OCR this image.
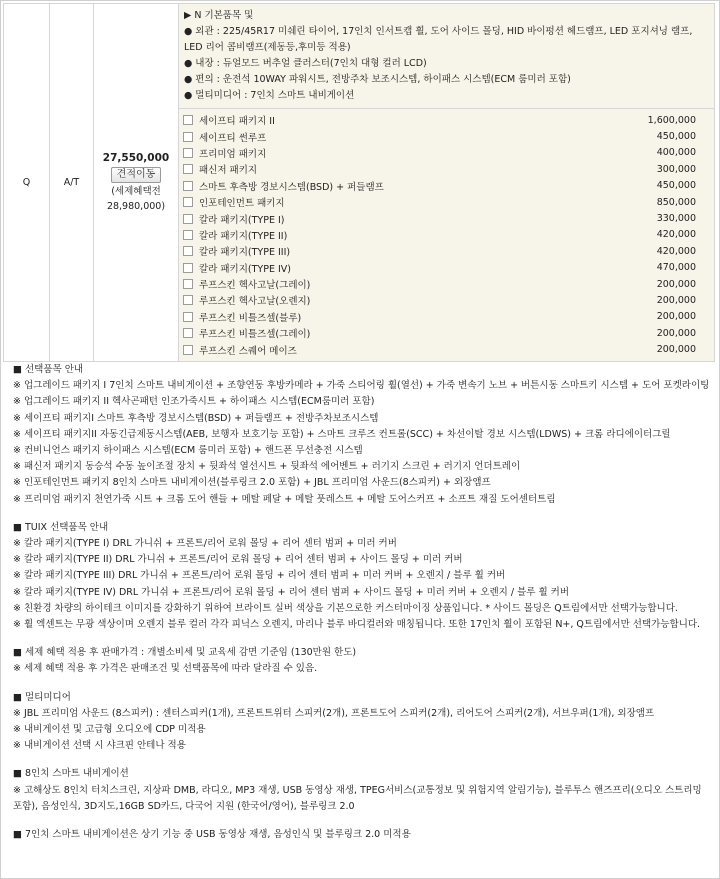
Q	A/T	
27,550,000
견적이동
(세제혜택전
28,980,000)

▶ N 기본품목 및
● 외관 : 225/45R17 미쉐린 타이어, 17인치 인서트캡 휠, 도어 사이드 몰딩, HID 바이펑션 헤드램프, LED 포지셔닝 램프, LED 리어 콤비램프(제동등,후미등 적용)
● 내장 : 듀얼모드 버추얼 클러스터(7인치 대형 컬러 LCD)
● 편의 : 운전석 10WAY 파워시트, 전방주차 보조시스템, 하이패스 시스템(ECM 룸미러 포함)
● 멀티미디어 : 7인치 스마트 내비게이션

세이프티 패키지 II	1,600,000
세이프티 썬루프	450,000
프리미엄 패키지	400,000
패신저 패키지	300,000
스마트 후측방 경보시스템(BSD) + 퍼들램프	450,000
인포테인먼트 패키지	850,000
칼라 패키지(TYPE I)	330,000
칼라 패키지(TYPE II)	420,000
칼라 패키지(TYPE III)	420,000
칼라 패키지(TYPE IV)	470,000
루프스킨 헥사고날(그레이)	200,000
루프스킨 헥사고날(오렌지)	200,000
루프스킨 비틀즈셀(블루)	200,000
루프스킨 비틀즈셀(그레이)	200,000
루프스킨 스퀘어 메이즈	200,000

■ 선택품목 안내

※ 업그레이드 패키지 Ⅰ 7인치 스마트 내비게이션 + 조향연동 후방카메라 + 가죽 스티어링 휠(열선) + 가죽 변속기 노브 + 버튼시동 스마트키 시스템 + 도어 포켓라이팅

※ 업그레이드 패키지 II 헥사곤패턴 인조가죽시트 + 하이패스 시스템(ECM룸미러 포함)

※ 세이프티 패키지Ⅰ 스마트 후측방 경보시스템(BSD) + 퍼들램프 + 전방주차보조시스템

※ 세이프티 패키지II 자동긴급제동시스템(AEB, 보행자 보호기능 포함) + 스마트 크루즈 컨트롤(SCC) + 차선이탈 경보 시스템(LDWS) + 크롬 라디에이터그릴

※ 컨비니언스 패키지 하이패스 시스템(ECM 룸미러 포함) + 핸드폰 무선충전 시스템

※ 패신저 패키지 동승석 수동 높이조절 장치 + 뒷좌석 열선시트 + 뒷좌석 에어벤트 + 러기지 스크린 + 러기지 언더트레이

※ 인포테인먼트 패키지 8인치 스마트 내비게이션(블루링크 2.0 포함) + JBL 프리미엄 사운드(8스피커) + 외장앰프

※ 프리미엄 패키지 천연가죽 시트 + 크롬 도어 핸들 + 메탈 페달 + 메탈 풋레스트 + 메탈 도어스커프 + 소프트 재질 도어센터트림

■ TUIX 선택품목 안내

※ 칼라 패키지(TYPE Ⅰ) DRL 가니쉬 + 프론트/리어 로워 몰딩 + 리어 센터 범퍼 + 미러 커버

※ 칼라 패키지(TYPE II) DRL 가니쉬 + 프론트/리어 로워 몰딩 + 리어 센터 범퍼 + 사이드 몰딩 + 미러 커버

※ 칼라 패키지(TYPE III) DRL 가니쉬 + 프론트/리어 로워 몰딩 + 리어 센터 범퍼 + 미러 커버 + 오렌지 / 블루 휠 커버

※ 칼라 패키지(TYPE IV) DRL 가니쉬 + 프론트/리어 로워 몰딩 + 리어 센터 범퍼 + 사이드 몰딩 + 미러 커버 + 오렌지 / 블루 휠 커버

※ 친환경 차량의 하이테크 이미지를 강화하기 위하여 브라이트 실버 색상을 기본으로한 커스터마이징 상품입니다. * 사이드 몰딩은 Q트림에서만 선택가능합니다.

※ 휠 엑센트는 무광 색상이며 오렌지 블루 컬러 각각 피닉스 오렌지, 마리나 블루 바디컬러와 매칭됩니다. 또한 17인치 휠이 포함된 N+, Q트림에서만 선택가능합니다.

■ 세제 혜택 적용 후 판매가격 : 개별소비세 및 교육세 감면 기준임 (130만원 한도)

※ 세제 혜택 적용 후 가격은 판매조건 및 선택품목에 따라 달라질 수 있음.

■ 멀티미디어

※ JBL 프리미엄 사운드 (8스피커) : 센터스피커(1개), 프론트트위터 스피커(2개), 프론트도어 스피커(2개), 리어도어 스피커(2개), 서브우퍼(1개), 외장앰프

※ 내비게이션 및 고급형 오디오에 CDP 미적용

※ 내비게이션 선택 시 샤크핀 안테나 적용

■ 8인치 스마트 내비게이션

※ 고해상도 8인치 터치스크린, 지상파 DMB, 라디오, MP3 재생, USB 동영상 재생, TPEG서비스(교통정보 및 위험지역 알림기능), 블루투스 핸즈프리(오디오 스트리밍 포함), 음성인식, 3D지도,16GB SD카드, 다국어 지원 (한국어/영어), 블루링크 2.0

■ 7인치 스마트 내비게이션은 상기 기능 중 USB 동영상 재생, 음성인식 및 블루링크 2.0 미적용
